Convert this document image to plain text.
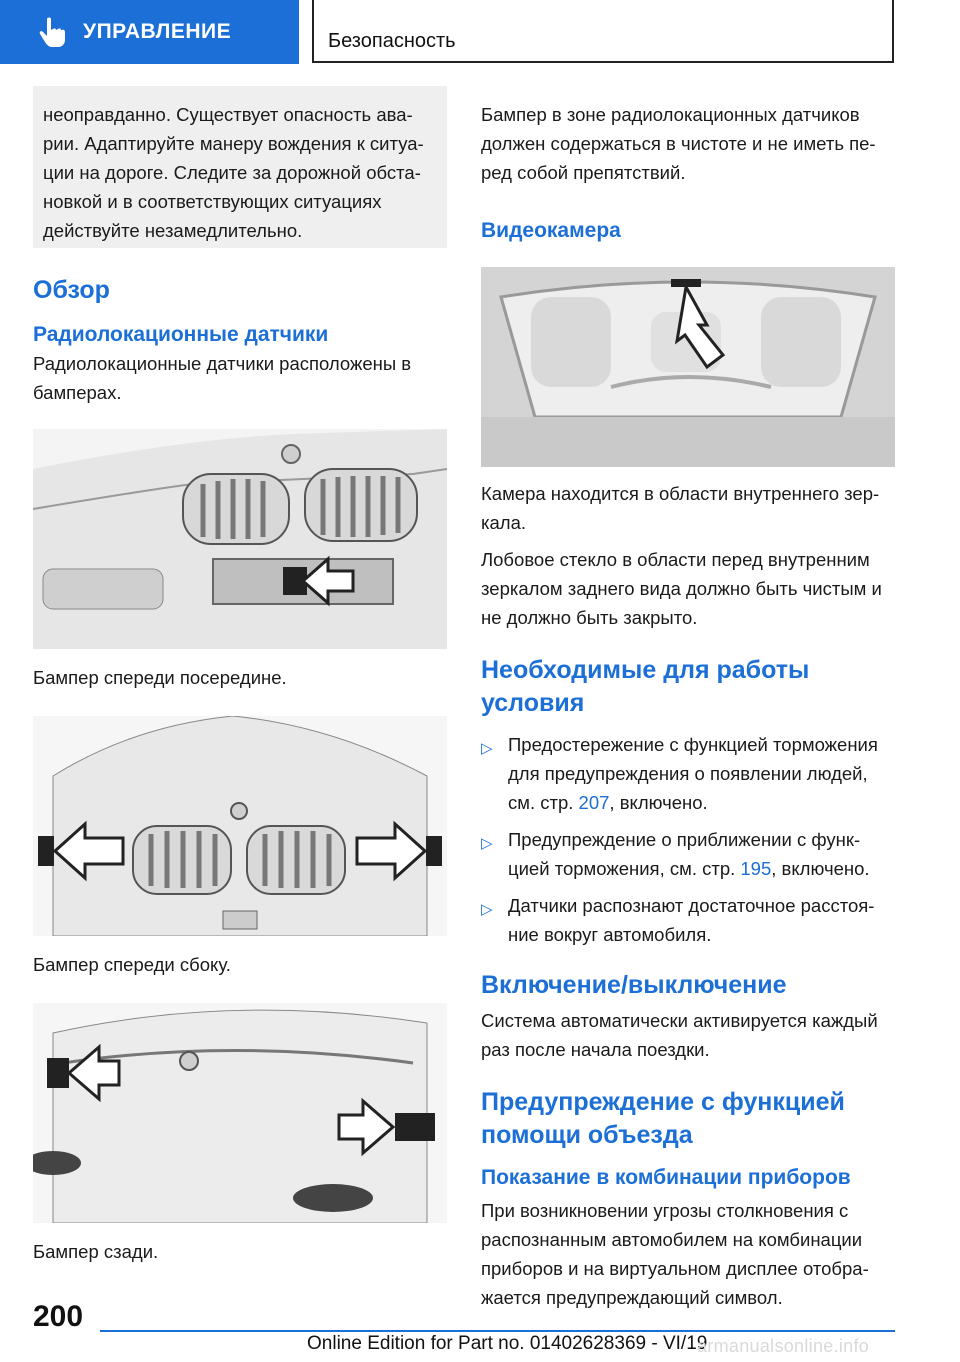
УПРАВЛЕНИЕ	Безопасность

неоправданно. Существует опасность аварии. Адаптируйте манеру вождения к ситуации на дороге. Следите за дорожной обстановкой и в соответствующих ситуациях действуйте незамедлительно.

Обзор
Радиолокационные датчики

Радиолокационные датчики расположены в бамперах.

Бампер спереди посередине.

Бампер спереди сбоку.

Бампер сзади.

Бампер в зоне радиолокационных датчиков должен содержаться в чистоте и не иметь перед собой препятствий.

Видеокамера

Камера находится в области внутреннего зеркала.

Лобовое стекло в области перед внутренним зеркалом заднего вида должно быть чистым и не должно быть закрыто.

Необходимые для работы условия
▷ Предостережение с функцией торможения для предупреждения о появлении людей, см. стр. 207, включено.
▷ Предупреждение о приближении с функцией торможения, см. стр. 195, включено.
▷ Датчики распознают достаточное расстояние вокруг автомобиля.
Включение/выключение

Система автоматически активируется каждый раз после начала поездки.

Предупреждение с функцией помощи объезда
Показание в комбинации приборов

При возникновении угрозы столкновения с распознанным автомобилем на комбинации приборов и на виртуальном дисплее отображается предупреждающий символ.

200
Online Edition for Part no. 01402628369 - VI/19
armanualsonline.info
